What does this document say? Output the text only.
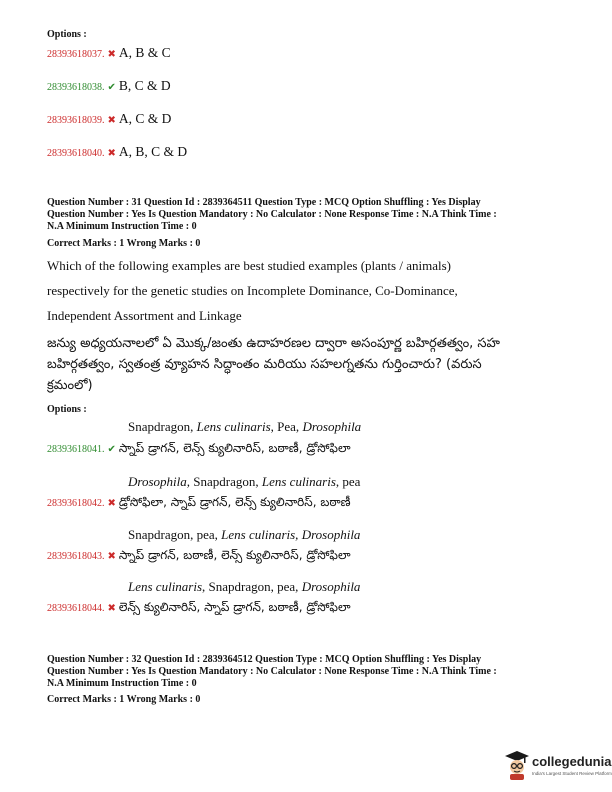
Options :
28393618037. ✖ A, B & C
28393618038. ✔ B, C & D
28393618039. ✖ A, C & D
28393618040. ✖ A, B, C & D
Question Number : 31 Question Id : 2839364511 Question Type : MCQ Option Shuffling : Yes Display
Question Number : Yes Is Question Mandatory : No Calculator : None Response Time : N.A Think Time :
N.A Minimum Instruction Time : 0
Correct Marks : 1 Wrong Marks : 0
Which of the following examples are best studied examples (plants / animals)
respectively for the genetic studies on Incomplete Dominance, Co-Dominance,
Independent Assortment and Linkage
జన్యు అధ్యయనాలలో ఏ మొక్క/జంతు ఉదాహరణల ద్వారా అసంపూర్ణ బహిర్గతత్వం, సహ
బహిర్గతత్వం, స్వతంత్ర వ్యూహన సిద్ధాంతం మరియు సహలగ్నతను గుర్తించారు? (వరుస
క్రమంలో)
Options :
Snapdragon, Lens culinaris, Pea, Drosophila
28393618041. ✔ స్నాప్ డ్రాగన్, లెన్స్ క్యులినారిస్, బఠాణీ, డ్రోసోఫిలా
Drosophila, Snapdragon, Lens culinaris, pea
28393618042. ✖ డ్రోసోఫిలా, స్నాప్ డ్రాగన్, లెన్స్ క్యులినారిస్, బఠాణీ
Snapdragon, pea, Lens culinaris, Drosophila
28393618043. ✖ స్నాప్ డ్రాగన్, బఠాణీ, లెన్స్ క్యులినారిస్, డ్రోసోఫిలా
Lens culinaris, Snapdragon, pea, Drosophila
28393618044. ✖ లెన్స్ క్యులినారిస్, స్నాప్ డ్రాగన్, బఠాణీ, డ్రోసోఫిలా
Question Number : 32 Question Id : 2839364512 Question Type : MCQ Option Shuffling : Yes Display
Question Number : Yes Is Question Mandatory : No Calculator : None Response Time : N.A Think Time :
N.A Minimum Instruction Time : 0
Correct Marks : 1 Wrong Marks : 0
collegedunia
India's Largest Student Review Platform
